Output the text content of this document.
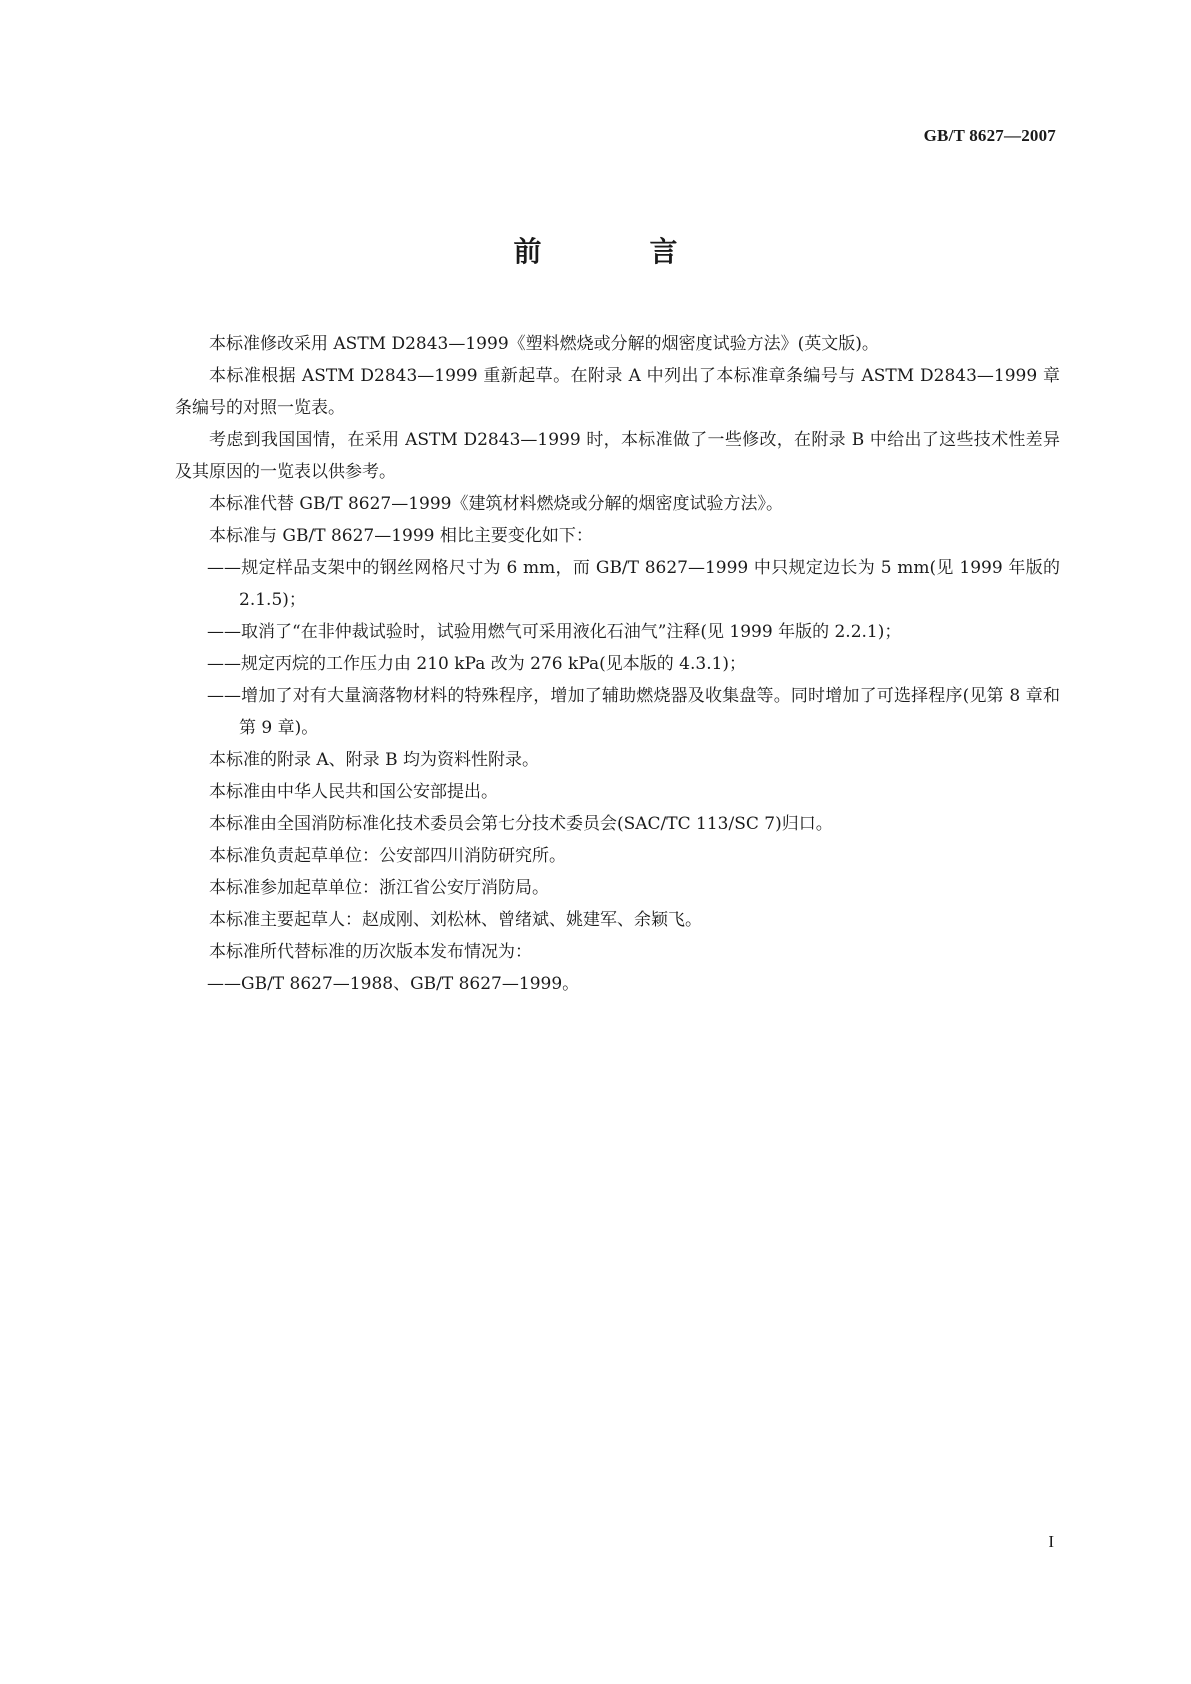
GB/T 8627—2007
前　言

本标准修改采用 ASTM D2843—1999《塑料燃烧或分解的烟密度试验方法》(英文版)。

本标准根据 ASTM D2843—1999 重新起草。在附录 A 中列出了本标准章条编号与 ASTM D2843—1999 章条编号的对照一览表。

考虑到我国国情，在采用 ASTM D2843—1999 时，本标准做了一些修改，在附录 B 中给出了这些技术性差异及其原因的一览表以供参考。

本标准代替 GB/T 8627—1999《建筑材料燃烧或分解的烟密度试验方法》。

本标准与 GB/T 8627—1999 相比主要变化如下：

——规定样品支架中的钢丝网格尺寸为 6 mm，而 GB/T 8627—1999 中只规定边长为 5 mm(见 1999 年版的 2.1.5)；

——取消了“在非仲裁试验时，试验用燃气可采用液化石油气”注释(见 1999 年版的 2.2.1)；

——规定丙烷的工作压力由 210 kPa 改为 276 kPa(见本版的 4.3.1)；

——增加了对有大量滴落物材料的特殊程序，增加了辅助燃烧器及收集盘等。同时增加了可选择程序(见第 8 章和第 9 章)。

本标准的附录 A、附录 B 均为资料性附录。

本标准由中华人民共和国公安部提出。

本标准由全国消防标准化技术委员会第七分技术委员会(SAC/TC 113/SC 7)归口。

本标准负责起草单位：公安部四川消防研究所。

本标准参加起草单位：浙江省公安厅消防局。

本标准主要起草人：赵成刚、刘松林、曾绪斌、姚建军、余颖飞。

本标准所代替标准的历次版本发布情况为：

——GB/T 8627—1988、GB/T 8627—1999。

I
